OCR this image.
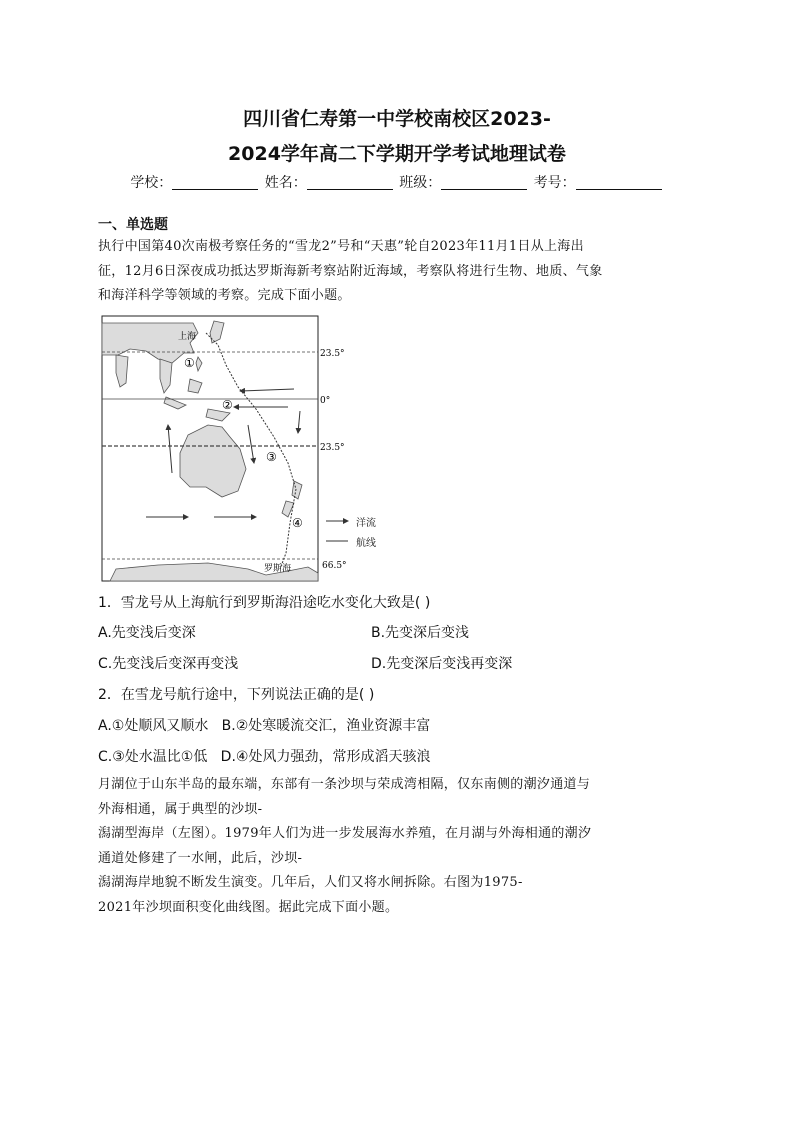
四川省仁寿第一中学校南校区2023-
2024学年高二下学期开学考试地理试卷
学校：	姓名：	班级：	考号：
一、单选题
执行中国第40次南极考察任务的“雪龙2”号和“天惠”轮自2023年11月1日从上海出
征，12月6日深夜成功抵达罗斯海新考察站附近海域，考察队将进行生物、地质、气象
和海洋科学等领域的考察。完成下面小题。
上海
23.5°
0°
23.5°
66.5°
罗斯海
①
②
③
④	洋流
航线
1．雪龙号从上海航行到罗斯海沿途吃水变化大致是( )
A.先变浅后变深	B.先变深后变浅
C.先变浅后变深再变浅	D.先变深后变浅再变深
2．在雪龙号航行途中，下列说法正确的是( )
A.①处顺风又顺水   B.②处寒暖流交汇，渔业资源丰富
C.③处水温比①低   D.④处风力强劲，常形成滔天骇浪
月湖位于山东半岛的最东端，东部有一条沙坝与荣成湾相隔，仅东南侧的潮汐通道与
外海相通，属于典型的沙坝-
潟湖型海岸（左图）。1979年人们为进一步发展海水养殖，在月湖与外海相通的潮汐
通道处修建了一水闸，此后，沙坝-
潟湖海岸地貌不断发生演变。几年后，人们又将水闸拆除。右图为1975-
2021年沙坝面积变化曲线图。据此完成下面小题。
